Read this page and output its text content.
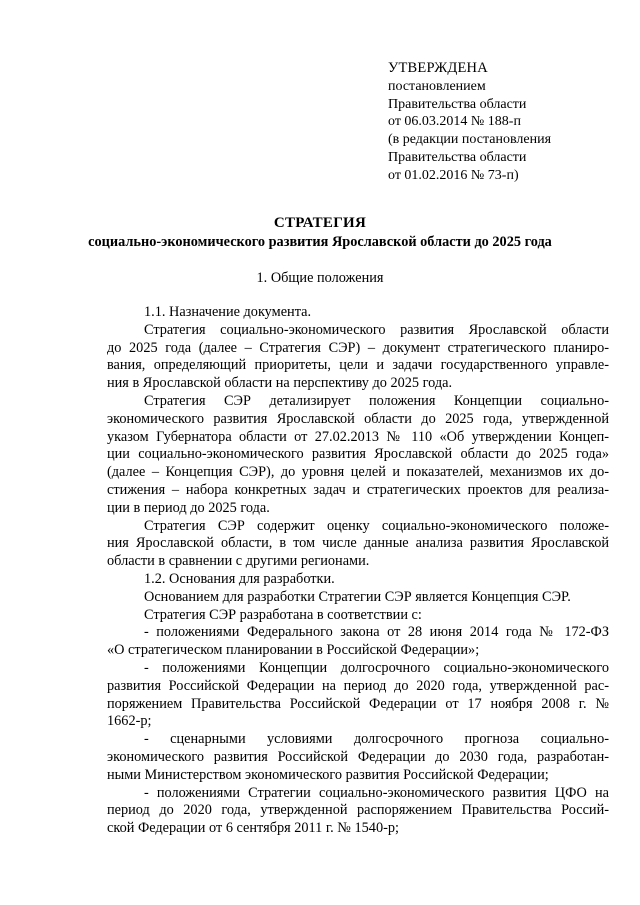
УТВЕРЖДЕНА
постановлением
Правительства области
от 06.03.2014 № 188-п
(в редакции постановления
Правительства области
от 01.02.2016 № 73-п)
СТРАТЕГИЯ
социально-экономического развития Ярославской области до 2025 года
1. Общие положения
1.1. Назначение документа.
Стратегия социально-экономического развития Ярославской области
до 2025 года (далее – Стратегия СЭР) – документ стратегического планиро-
вания, определяющий приоритеты, цели и задачи государственного управле-
ния в Ярославской области на перспективу до 2025 года.
Стратегия СЭР детализирует положения Концепции социально-
экономического развития Ярославской области до 2025 года, утвержденной
указом Губернатора области от 27.02.2013 № 110 «Об утверждении Концеп-
ции социально-экономического развития Ярославской области до 2025 года»
(далее – Концепция СЭР), до уровня целей и показателей, механизмов их до-
стижения – набора конкретных задач и стратегических проектов для реализа-
ции в период до 2025 года.
Стратегия СЭР содержит оценку социально-экономического положе-
ния Ярославской области, в том числе данные анализа развития Ярославской
области в сравнении с другими регионами.
1.2. Основания для разработки.
Основанием для разработки Стратегии СЭР является Концепция СЭР.
Стратегия СЭР разработана в соответствии с:
- положениями Федерального закона от 28 июня 2014 года № 172-ФЗ
«О стратегическом планировании в Российской Федерации»;
- положениями Концепции долгосрочного социально-экономического
развития Российской Федерации на период до 2020 года, утвержденной рас-
поряжением Правительства Российской Федерации от 17 ноября 2008 г. №
1662-р;
- сценарными условиями долгосрочного прогноза социально-
экономического развития Российской Федерации до 2030 года, разработан-
ными Министерством экономического развития Российской Федерации;
- положениями Стратегии социально-экономического развития ЦФО на
период до 2020 года, утвержденной распоряжением Правительства Россий-
ской Федерации от 6 сентября 2011 г. № 1540-р;
